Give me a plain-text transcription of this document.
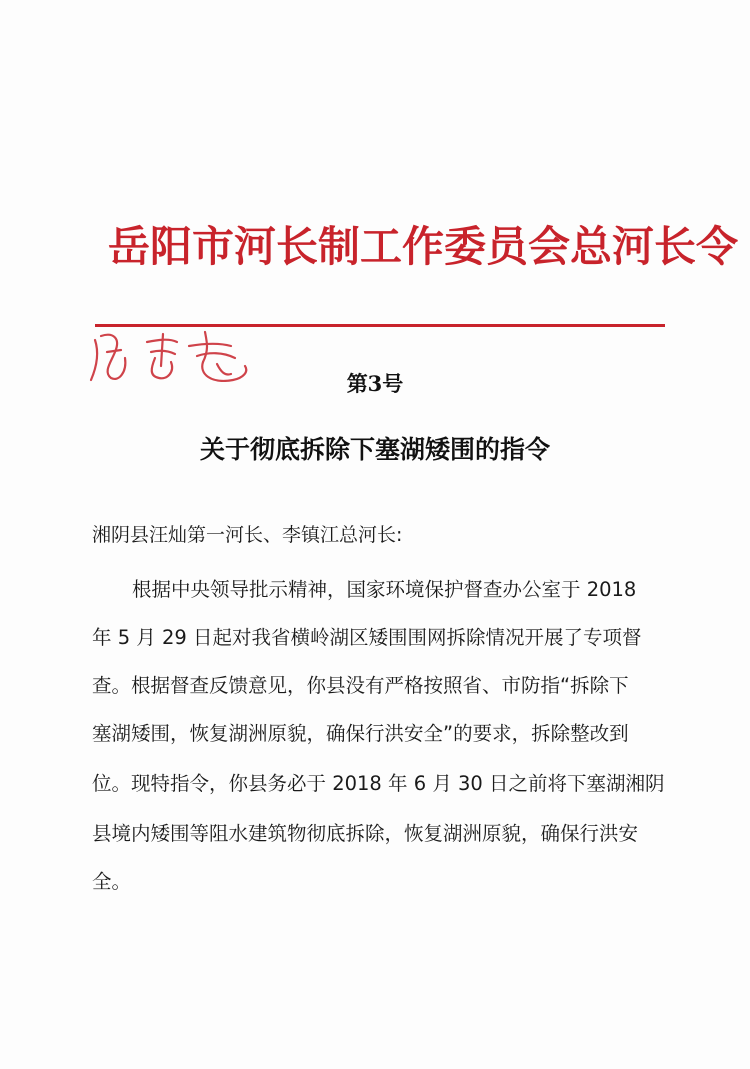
岳阳市河长制工作委员会总河长令
第3号
关于彻底拆除下塞湖矮围的指令
湘阴县汪灿第一河长、李镇江总河长:
根据中央领导批示精神，国家环境保护督查办公室于 2018
年 5 月 29 日起对我省横岭湖区矮围围网拆除情况开展了专项督
查。根据督查反馈意见，你县没有严格按照省、市防指“拆除下
塞湖矮围，恢复湖洲原貌，确保行洪安全”的要求，拆除整改到
位。现特指令，你县务必于 2018 年 6 月 30 日之前将下塞湖湘阴
县境内矮围等阻水建筑物彻底拆除，恢复湖洲原貌，确保行洪安
全。
